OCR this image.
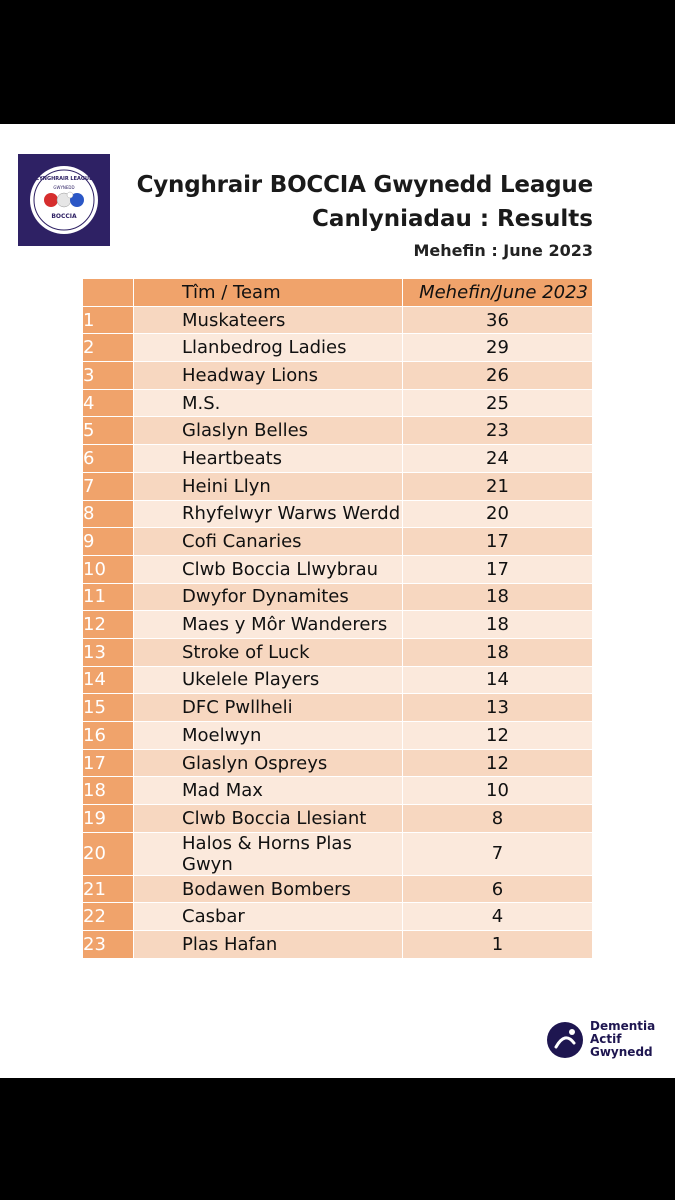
CYNGHRAIR LEAGUE
GWYNEDD
BOCCIA
Cynghrair BOCCIA Gwynedd League
Canlyniadau : Results
Mehefin : June 2023
	Tîm / Team	Mehefin/June 2023
1	Muskateers	36
2	Llanbedrog Ladies	29
3	Headway Lions	26
4	M.S.	25
5	Glaslyn Belles	23
6	Heartbeats	24
7	Heini Llyn	21
8	Rhyfelwyr Warws Werdd	20
9	Cofi Canaries	17
10	Clwb Boccia Llwybrau	17
11	Dwyfor Dynamites	18
12	Maes y Môr Wanderers	18
13	Stroke of Luck	18
14	Ukelele Players	14
15	DFC Pwllheli	13
16	Moelwyn	12
17	Glaslyn Ospreys	12
18	Mad Max	10
19	Clwb Boccia Llesiant	8
20	Halos & Horns Plas Gwyn	7
21	Bodawen Bombers	6
22	Casbar	4
23	Plas Hafan	1
Dementia
Actif
Gwynedd
